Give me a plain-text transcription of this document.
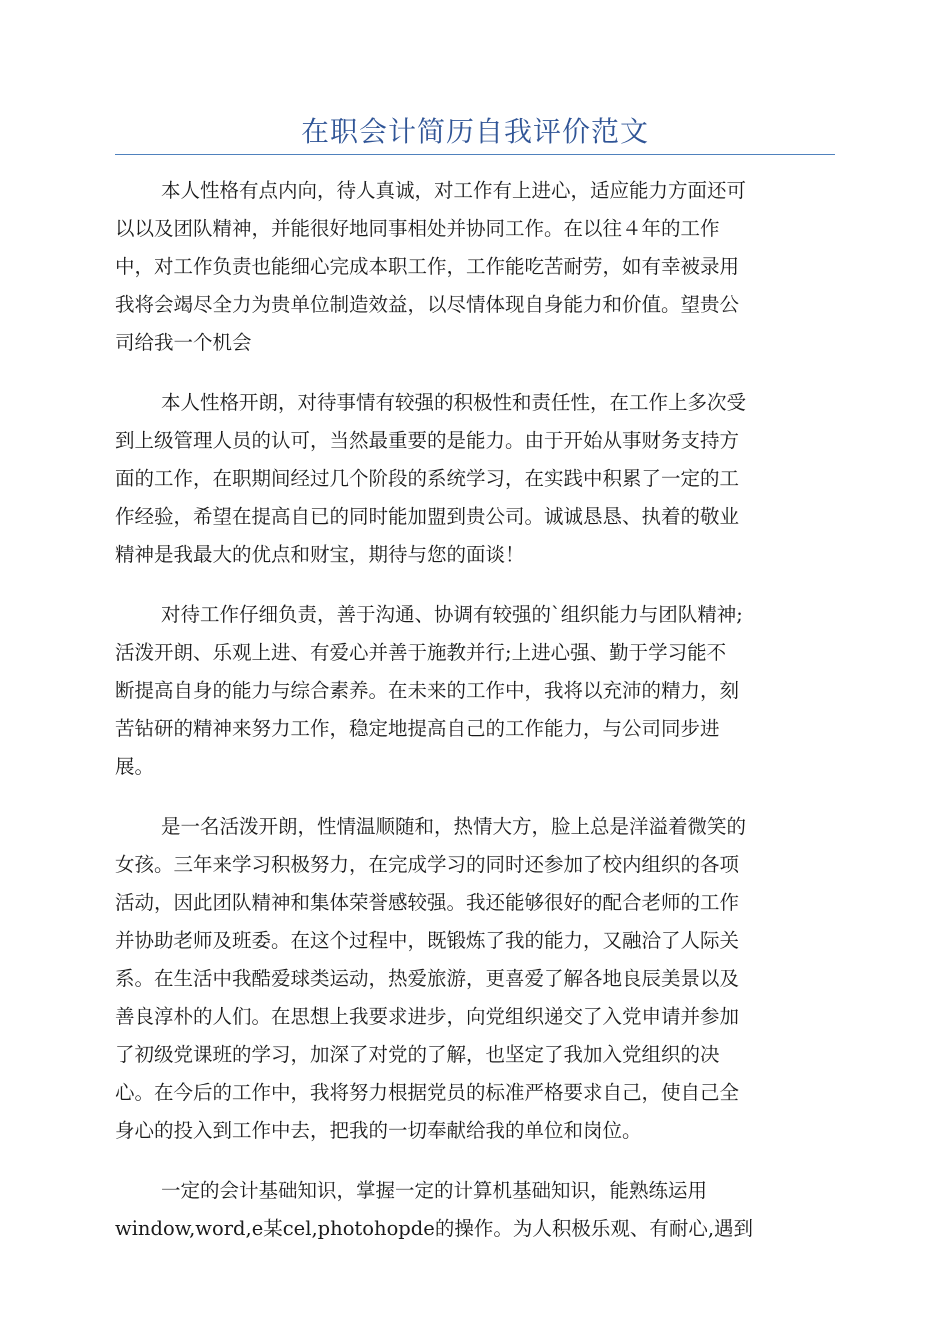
在职会计简历自我评价范文
本人性格有点内向，待人真诚，对工作有上进心，适应能力方面还可
以以及团队精神，并能很好地同事相处并协同工作。在以往４年的工作
中，对工作负责也能细心完成本职工作，工作能吃苦耐劳，如有幸被录用
我将会竭尽全力为贵单位制造效益，以尽情体现自身能力和价值。望贵公
司给我一个机会
本人性格开朗，对待事情有较强的积极性和责任性，在工作上多次受
到上级管理人员的认可，当然最重要的是能力。由于开始从事财务支持方
面的工作，在职期间经过几个阶段的系统学习，在实践中积累了一定的工
作经验，希望在提高自已的同时能加盟到贵公司。诚诚恳恳、执着的敬业
精神是我最大的优点和财宝，期待与您的面谈！
对待工作仔细负责，善于沟通、协调有较强的`组织能力与团队精神;
活泼开朗、乐观上进、有爱心并善于施教并行;上进心强、勤于学习能不
断提高自身的能力与综合素养。在未来的工作中，我将以充沛的精力，刻
苦钻研的精神来努力工作，稳定地提高自己的工作能力，与公司同步进
展。
是一名活泼开朗，性情温顺随和，热情大方，脸上总是洋溢着微笑的
女孩。三年来学习积极努力，在完成学习的同时还参加了校内组织的各项
活动，因此团队精神和集体荣誉感较强。我还能够很好的配合老师的工作
并协助老师及班委。在这个过程中，既锻炼了我的能力，又融洽了人际关
系。在生活中我酷爱球类运动，热爱旅游，更喜爱了解各地良辰美景以及
善良淳朴的人们。在思想上我要求进步，向党组织递交了入党申请并参加
了初级党课班的学习，加深了对党的了解，也坚定了我加入党组织的决
心。在今后的工作中，我将努力根据党员的标准严格要求自己，使自己全
身心的投入到工作中去，把我的一切奉献给我的单位和岗位。
一定的会计基础知识，掌握一定的计算机基础知识，能熟练运用
window,word,e某cel,photohopde的操作。为人积极乐观、有耐心,遇到
